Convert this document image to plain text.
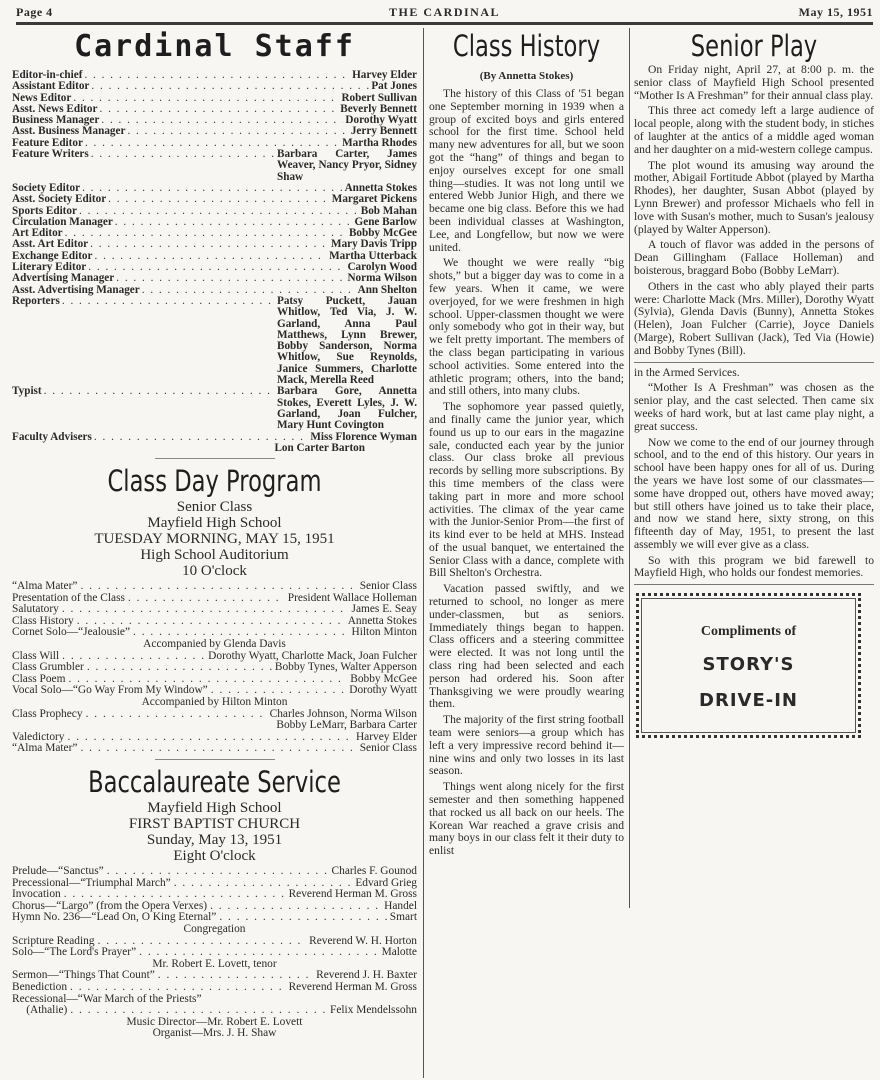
Page 4	THE CARDINAL	May 15, 1951
Cardinal Staff
Editor-in-chief . . .	Harvey Elder
Assistant Editor . . .	Pat Jones
News Editor . . .	Robert Sullivan
Asst. News Editor . . .	Beverly Bennett
Business Manager . . .	Dorothy Wyatt
Asst. Business Manager . . .	Jerry Bennett
Feature Editor . . .	Martha Rhodes
Feature Writers . . .	Barbara Carter, James Weaver, Nancy Pryor, Sidney Shaw
Society Editor . . .	Annetta Stokes
Asst. Society Editor . . .	Margaret Pickens
Sports Editor . . .	Bob Mahan
Circulation Manager . . .	Gene Barlow
Art Editor . . .	Bobby McGee
Asst. Art Editor . . .	Mary Davis Tripp
Exchange Editor . . .	Martha Utterback
Literary Editor . . .	Carolyn Wood
Advertising Manager . . .	Norma Wilson
Asst. Advertising Manager . . .	Ann Shelton
Reporters . . .	Patsy Puckett, Jauan Whitlow, Ted Via, J. W. Garland, Anna Paul Matthews, Lynn Brewer, Bobby Sanderson, Norma Whitlow, Sue Reynolds, Janice Summers, Charlotte Mack, Merella Reed
Typist . . .	Barbara Gore, Annetta Stokes, Everett Lyles, J. W. Garland, Joan Fulcher, Mary Hunt Covington
Faculty Advisers . . .	Miss Florence Wyman
Lon Carter Barton
Class Day Program
Senior Class
Mayfield High School
TUESDAY MORNING, MAY 15, 1951
High School Auditorium
10 O'clock
“Alma Mater” . . .	Senior Class
Presentation of the Class . . .	President Wallace Holleman
Salutatory . . .	James E. Seay
Class History . . .	Annetta Stokes
Cornet Solo—“Jealousie” . . .	Hilton Minton
Accompanied by Glenda Davis
Class Will . . .	Dorothy Wyatt, Charlotte Mack, Joan Fulcher
Class Grumbler . . .	Bobby Tynes, Walter Apperson
Class Poem . . .	Bobby McGee
Vocal Solo—“Go Way From My Window” . . .	Dorothy Wyatt
Accompanied by Hilton Minton
Class Prophecy . . .	Charles Johnson, Norma Wilson
Bobby LeMarr, Barbara Carter
Valedictory . . .	Harvey Elder
“Alma Mater” . . .	Senior Class
Baccalaureate Service
Mayfield High School
FIRST BAPTIST CHURCH
Sunday, May 13, 1951
Eight O'clock
Prelude—“Sanctus” . . .	Charles F. Gounod
Precessional—“Triumphal March” . . .	Edvard Grieg
Invocation . . .	Reverend Herman M. Gross
Chorus—“Largo” (from the Opera Verxes) . . .	Handel
Hymn No. 236—“Lead On, O King Eternal” . . .	Smart
Congregation
Scripture Reading . . .	Reverend W. H. Horton
Solo—“The Lord's Prayer” . . .	Malotte
Mr. Robert E. Lovett, tenor
Sermon—“Things That Count” . . .	Reverend J. H. Baxter
Benediction . . .	Reverend Herman M. Gross
Recessional—“War March of the Priests”
(Athalie) . . .	Felix Mendelssohn
Music Director—Mr. Robert E. Lovett
Organist—Mrs. J. H. Shaw
Class History
(By Annetta Stokes)

The history of this Class of '51 began one September morning in 1939 when a group of excited boys and girls entered school for the first time. School held many new adventures for all, but we soon got the “hang” of things and began to enjoy ourselves except for one small thing—studies. It was not long until we entered Webb Junior High, and there we became one big class. Before this we had been individual classes at Washington, Lee, and Longfellow, but now we were united.

We thought we were really “big shots,” but a bigger day was to come in a few years. When it came, we were overjoyed, for we were freshmen in high school. Upper-classmen thought we were only somebody who got in their way, but we felt pretty important. The members of the class began participating in various school activities. Some entered into the athletic program; others, into the band; and still others, into many clubs.

The sophomore year passed quietly, and finally came the junior year, which found us up to our ears in the magazine sale, conducted each year by the junior class. Our class broke all previous records by selling more subscriptions. By this time members of the class were taking part in more and more school activities. The climax of the year came with the Junior-Senior Prom—the first of its kind ever to be held at MHS. Instead of the usual banquet, we entertained the Senior Class with a dance, complete with Bill Shelton's Orchestra.

Vacation passed swiftly, and we returned to school, no longer as mere under-classmen, but as seniors. Immediately things began to happen. Class officers and a steering committee were elected. It was not long until the class ring had been selected and each person had ordered his. Soon after Thanksgiving we were proudly wearing them.

The majority of the first string football team were seniors—a group which has left a very impressive record behind it—nine wins and only two losses in its last season.

Things went along nicely for the first semester and then something happened that rocked us all back on our heels. The Korean War reached a grave crisis and many boys in our class felt it their duty to enlist

Senior Play

On Friday night, April 27, at 8:00 p. m. the senior class of Mayfield High School presented “Mother Is A Freshman” for their annual class play.

This three act comedy left a large audience of local people, along with the student body, in stiches of laughter at the antics of a middle aged woman and her daughter on a mid-western college campus.

The plot wound its amusing way around the mother, Abigail Fortitude Abbot (played by Martha Rhodes), her daughter, Susan Abbot (played by Lynn Brewer) and professor Michaels who fell in love with Susan's mother, much to Susan's jealousy (played by Walter Apperson).

A touch of flavor was added in the persons of Dean Gillingham (Fallace Holleman) and boisterous, braggard Bobo (Bobby LeMarr).

Others in the cast who ably played their parts were: Charlotte Mack (Mrs. Miller), Dorothy Wyatt (Sylvia), Glenda Davis (Bunny), Annetta Stokes (Helen), Joan Fulcher (Carrie), Joyce Daniels (Marge), Robert Sullivan (Jack), Ted Via (Howie) and Bobby Tynes (Bill).

in the Armed Services.

“Mother Is A Freshman” was chosen as the senior play, and the cast selected. Then came six weeks of hard work, but at last came play night, a great success.

Now we come to the end of our journey through school, and to the end of this history. Our years in school have been happy ones for all of us. During the years we have lost some of our classmates—some have dropped out, others have moved away; but still others have joined us to take their place, and now we stand here, sixty strong, on this fifteenth day of May, 1951, to present the last assembly we will ever give as a class.

So with this program we bid farewell to Mayfield High, who holds our fondest memories.

Compliments of
STORY'S
DRIVE-IN
